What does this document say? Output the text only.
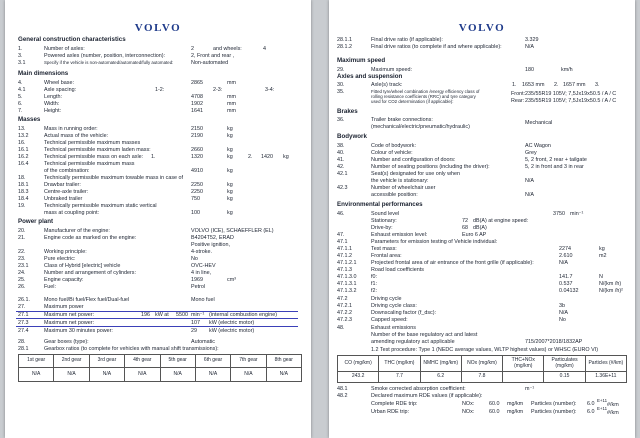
VOLVO
General construction characteristics
1.	Number of axles:	2	and wheels:	4
3.	Powered axles (number, position, interconnection):	2, Front and rear ,
3.1	Specify if the vehicle is non-automated/automated/fully automated:	Non-automated
Main dimensions
4.	Wheel base:	2865	mm
4.1	Axle spacing:	1-2:	2-3:	3-4:
5.	Length:	4708	mm
6.	Width:	1902	mm
7.	Height:	1641	mm
Masses
13.	Mass in running order:	2150	kg
13.2	Actual mass of the vehicle:	2190	kg
16.	Technical permissible maximum masses
16.1	Technical permissible maximum laden mass:	2660	kg
16.2	Technical permissible mass on each axle: 1.	1320	kg	2. 1420 kg
16.4	Technical permissible maximum mass
of the combination:	4910	kg
18.	Technically permissible maximum towable mass in case of
18.1	Drawbar trailer:	2250	kg
18.3	Centre-axle trailer:	2250	kg
18.4	Unbraked trailer	750	kg
19.	Technically permissible maximum static vertical
mass at coupling point:	100	kg
Power plant
20.	Manufacturer of the engine:	VOLVO (ICE), SCHAEFFLER (EL)
21.	Engine code as marked on the engine:	B4204T52, ERAD
Positive ignition,
22.	Working principle:	4-stroke.
23.	Pure electric:	No
23.1	Class of Hybrid [electric] vehicle	OVC-HEV
24.	Number and arrangement of cylinders:	4 in line,
25.	Engine capacity:	1969	cm³
26.	Fuel:	Petrol
26.1.	Mono fuel/Bi fuel/Flex fuel/Dual-fuel	Mono fuel
27.	Maximum power
27.1	Maximum net power:	196 kW at 5500 min⁻¹ (internal combustion engine)
27.3	Maximum net power:	107 kW (electric motor)
27.4	Maximum 30 minutes power:	29 kW (electric motor)
28.	Gear boxes (type):	Automatic
28.1	Gearbox ratios (to complete for vehicles with manual shift transmissions):
1st gear	2nd gear	3rd gear	4th gear	5th gear	6th gear	7th gear	8th gear
N/A	N/A	N/A	N/A	N/A	N/A	N/A	N/A
VOLVO
28.1.1	Final drive ratio (if applicable):	3.329
28.1.2	Final drive ratios (to complete if and where applicable):	N/A
Maximum speed
29.	Maximum speed:	180	km/h
Axles and suspension
30.	Axle(s) track:	1. 1653 mm 2. 1657 mm 3.
35.	Fitted tyre/wheel combination /energy efficiency class of
rolling resistance coefficients (RRC) and tyre category
used for CO2 determination (if applicable):
Front: 235/55R19 105V; 7,5Jx19x50.5 / A / C
Rear: 235/55R19 105V; 7,5Jx19x50.5 / A / C
Brakes
36.	Trailer brake connections:
(mechanical/electric/pneumatic/hydraulic)
Mechanical
Bodywork
38.	Code of bodywork:	AC Wagon
40.	Colour of vehicle:	Grey
41.	Number and configuration of doors:	5, 2 front, 2 rear + tailgate
42.	Number of seating positions (including the driver):	5, 2 in front and 3 in rear
42.1	Seat(s) designated for use only when
the vehicle is stationary:	N/A
42.3	Number of wheelchair user
accessible position:	N/A
Environmental performances
46.	Sound level	3750 min⁻¹
Stationary:	72 dB(A) at engine speed:
Drive-by:	68 dB(A)
47.	Exhaust emission level:	Euro 6 AP
47.1	Parameters for emission testing of Vehicle individual:
47.1.1	Test mass:	2274	kg
47.1.2	Frontal area:	2.610	m2
47.1.2.1	Projected frontal area of air entrance of the front grille (if applicable):	N/A
47.1.3	Road load coefficients
47.1.3.0	f0:	141.7	N
47.1.3.1	f1:	0.537	N/(km /h)
47.1.3.2	f2:	0.04132	N/(km /h)²
47.2	Driving cycle
47.2.1	Driving cycle class:	3b
47.2.2	Downscaling factor (f_dsc):	N/A
47.2.3	Capped speed:	No
48.	Exhaust emissions
Number of the base regulatory act and latest
amending regulatory act applicable	715/2007*2018/1832AP
1.2 Test procedure: Type 1 (NEDC average values, WLTP highest values) or WHSC (EURO VI)
CO (mg/km)	THC (mg/km)	NMHC (mg/km)	NOx (mg/km)	THC+NOx (mg/km)	Particulates (mg/km)	Particles (#/km)
243.2	7.7	6.2	7.8		0.15	1.36E+11
48.1	Smoke corrected absorption coefficient:	m⁻¹
48.2	Declared maximum RDE values (if applicable):
Complete RDE trip:	NOx:	60.0 mg/km Particles (number): 6.0
E+11
#/km
Urban RDE trip:	NOx:	60.0 mg/km Particles (number): 6.0
E+11
#/km
